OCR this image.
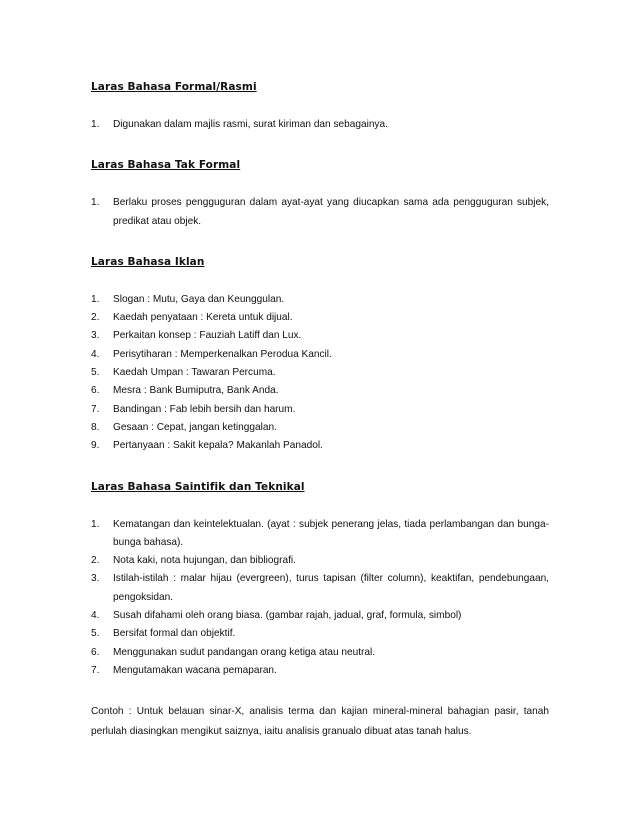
Laras Bahasa Formal/Rasmi
1. Digunakan dalam majlis rasmi, surat kiriman dan sebagainya.
Laras Bahasa Tak Formal
1. Berlaku proses pengguguran dalam ayat-ayat yang diucapkan sama ada pengguguran subjek, predikat atau objek.
Laras Bahasa Iklan
1. Slogan : Mutu, Gaya dan Keunggulan.
2. Kaedah penyataan : Kereta untuk dijual.
3. Perkaitan konsep : Fauziah Latiff dan Lux.
4. Perisytiharan : Memperkenalkan Perodua Kancil.
5. Kaedah Umpan : Tawaran Percuma.
6. Mesra : Bank Bumiputra, Bank Anda.
7. Bandingan : Fab lebih bersih dan harum.
8. Gesaan : Cepat, jangan ketinggalan.
9. Pertanyaan : Sakit kepala? Makanlah Panadol.
Laras Bahasa Saintifik dan Teknikal
1. Kematangan dan keintelektualan. (ayat : subjek penerang jelas, tiada perlambangan dan bunga-bunga bahasa).
2. Nota kaki, nota hujungan, dan bibliografi.
3. Istilah-istilah : malar hijau (evergreen), turus tapisan (filter column), keaktifan, pendebungaan, pengoksidan.
4. Susah difahami oleh orang biasa. (gambar rajah, jadual, graf, formula, simbol)
5. Bersifat formal dan objektif.
6. Menggunakan sudut pandangan orang ketiga atau neutral.
7. Mengutamakan wacana pemaparan.

Contoh : Untuk belauan sinar-X, analisis terma dan kajian mineral-mineral bahagian pasir, tanah perlulah diasingkan mengikut saiznya, iaitu analisis granualo dibuat atas tanah halus.
